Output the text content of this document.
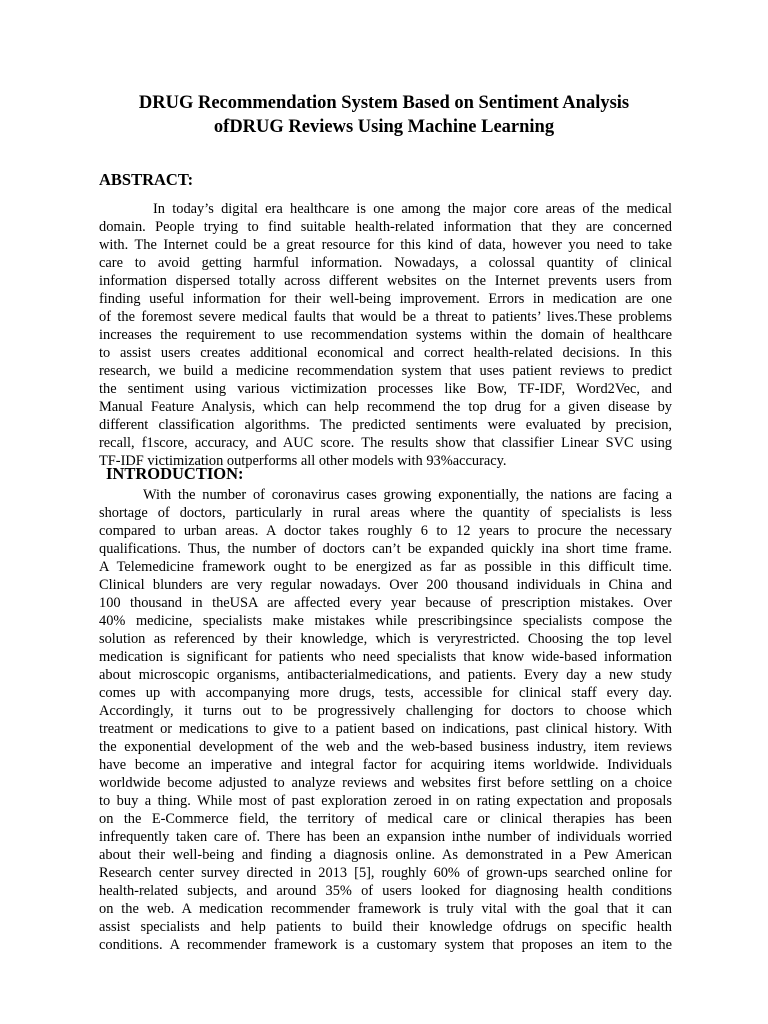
DRUG Recommendation System Based on Sentiment Analysis
ofDRUG Reviews Using Machine Learning
ABSTRACT:
In today’s digital era healthcare is one among the major core areas of the medical
domain. People trying to find suitable health-related information that they are concerned
with. The Internet could be a great resource for this kind of data, however you need to take
care to avoid getting harmful information. Nowadays, a colossal quantity of clinical
information dispersed totally across different websites on the Internet prevents users from
finding useful information for their well-being improvement. Errors in medication are one
of the foremost severe medical faults that would be a threat to patients’ lives.These problems
increases the requirement to use recommendation systems within the domain of healthcare
to assist users creates additional economical and correct health-related decisions. In this
research, we build a medicine recommendation system that uses patient reviews to predict
the sentiment using various victimization processes like Bow, TF-IDF, Word2Vec, and
Manual Feature Analysis, which can help recommend the top drug for a given disease by
different classification algorithms. The predicted sentiments were evaluated by precision,
recall, f1score, accuracy, and AUC score. The results show that classifier Linear SVC using
TF-IDF victimization outperforms all other models with 93%accuracy.
INTRODUCTION:
With the number of coronavirus cases growing exponentially, the nations are facing a
shortage of doctors, particularly in rural areas where the quantity of specialists is less
compared to urban areas. A doctor takes roughly 6 to 12 years to procure the necessary
qualifications. Thus, the number of doctors can’t be expanded quickly ina short time frame.
A Telemedicine framework ought to be energized as far as possible in this difficult time.
Clinical blunders are very regular nowadays. Over 200 thousand individuals in China and
100 thousand in theUSA are affected every year because of prescription mistakes. Over
40% medicine, specialists make mistakes while prescribingsince specialists compose the
solution as referenced by their knowledge, which is veryrestricted. Choosing the top level
medication is significant for patients who need specialists that know wide-based information
about microscopic organisms, antibacterialmedications, and patients. Every day a new study
comes up with accompanying more drugs, tests, accessible for clinical staff every day.
Accordingly, it turns out to be progressively challenging for doctors to choose which
treatment or medications to give to a patient based on indications, past clinical history. With
the exponential development of the web and the web-based business industry, item reviews
have become an imperative and integral factor for acquiring items worldwide. Individuals
worldwide become adjusted to analyze reviews and websites first before settling on a choice
to buy a thing. While most of past exploration zeroed in on rating expectation and proposals
on the E-Commerce field, the territory of medical care or clinical therapies has been
infrequently taken care of. There has been an expansion inthe number of individuals worried
about their well-being and finding a diagnosis online. As demonstrated in a Pew American
Research center survey directed in 2013 [5], roughly 60% of grown-ups searched online for
health-related subjects, and around 35% of users looked for diagnosing health conditions
on the web. A medication recommender framework is truly vital with the goal that it can
assist specialists and help patients to build their knowledge ofdrugs on specific health
conditions. A recommender framework is a customary system that proposes an item to the
